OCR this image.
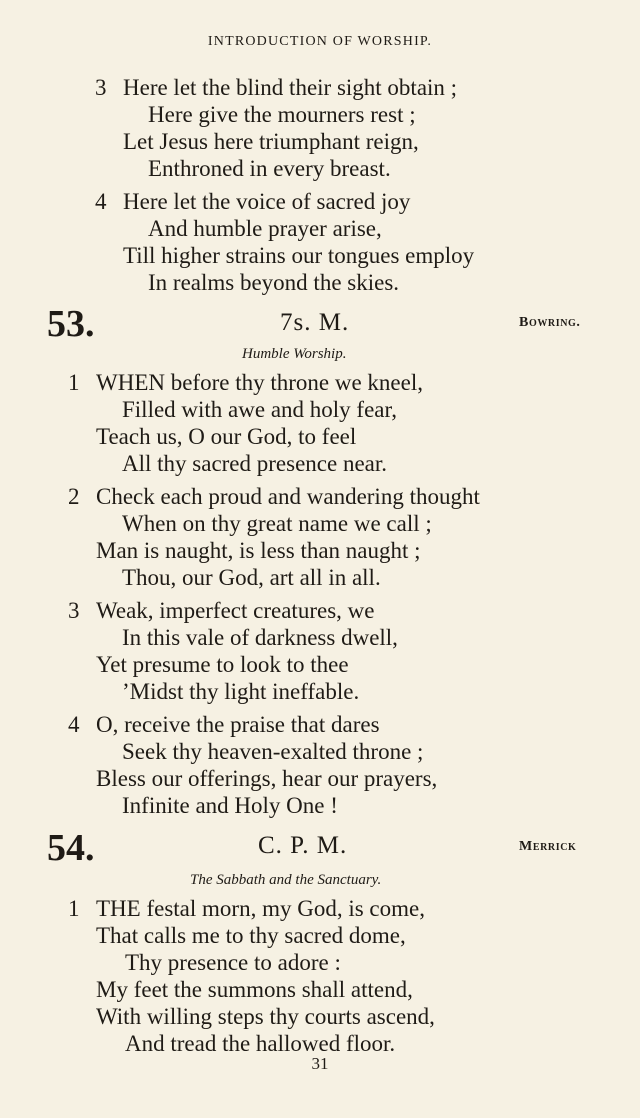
INTRODUCTION OF WORSHIP.
3 Here let the blind their sight obtain ;
Here give the mourners rest ;
Let Jesus here triumphant reign,
Enthroned in every breast.
4 Here let the voice of sacred joy
And humble prayer arise,
Till higher strains our tongues employ
In realms beyond the skies.
53.	7s. M.	Bowring.
Humble Worship.
1 WHEN before thy throne we kneel,
Filled with awe and holy fear,
Teach us, O our God, to feel
All thy sacred presence near.
2 Check each proud and wandering thought
When on thy great name we call ;
Man is naught, is less than naught ;
Thou, our God, art all in all.
3 Weak, imperfect creatures, we
In this vale of darkness dwell,
Yet presume to look to thee
’Midst thy light ineffable.
4 O, receive the praise that dares
Seek thy heaven-exalted throne ;
Bless our offerings, hear our prayers,
Infinite and Holy One !
54.	C. P. M.	Merrick
The Sabbath and the Sanctuary.
1 THE festal morn, my God, is come,
That calls me to thy sacred dome,
Thy presence to adore :
My feet the summons shall attend,
With willing steps thy courts ascend,
And tread the hallowed floor.
31
